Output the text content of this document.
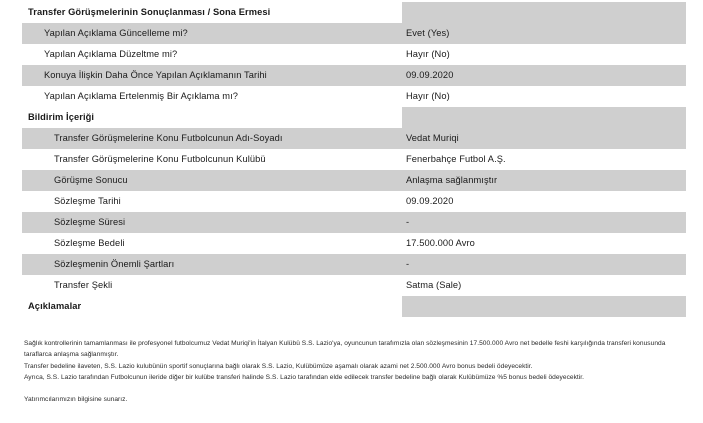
Transfer Görüşmelerinin Sonuçlanması / Sona Ermesi	

Yapılan Açıklama Güncelleme mi?	Evet (Yes)

Yapılan Açıklama Düzeltme mi?	Hayır (No)

Konuya İlişkin Daha Önce Yapılan Açıklamanın Tarihi	09.09.2020

Yapılan Açıklama Ertelenmiş Bir Açıklama mı?	Hayır (No)

Bildirim İçeriği	

Transfer Görüşmelerine Konu Futbolcunun Adı-Soyadı	Vedat Muriqi

Transfer Görüşmelerine Konu Futbolcunun Kulübü	Fenerbahçe Futbol A.Ş.

Görüşme Sonucu	Anlaşma sağlanmıştır

Sözleşme Tarihi	09.09.2020

Sözleşme Süresi	-

Sözleşme Bedeli	17.500.000 Avro

Sözleşmenin Önemli Şartları	-

Transfer Şekli	Satma (Sale)

Açıklamalar	

Sağlık kontrollerinin tamamlanması ile profesyonel futbolcumuz Vedat Muriqi'in İtalyan Kulübü S.S. Lazio'ya, oyuncunun tarafımızla olan sözleşmesinin 17.500.000 Avro net bedelle feshi karşılığında transferi konusunda taraflarca anlaşma sağlanmıştır.

Transfer bedeline ilaveten, S.S. Lazio kulubünün sportif sonuçlarına bağlı olarak S.S. Lazio, Kulübümüze aşamalı olarak azami net 2.500.000 Avro bonus bedeli ödeyecektir.

Ayrıca, S.S. Lazio tarafından Futbolcunun ileride diğer bir kulübe transferi halinde S.S. Lazio tarafından elde edilecek transfer bedeline bağlı olarak Kulübümüze %5 bonus bedeli ödeyecektir.

Yatırımcılarımızın bilgisine sunarız.
